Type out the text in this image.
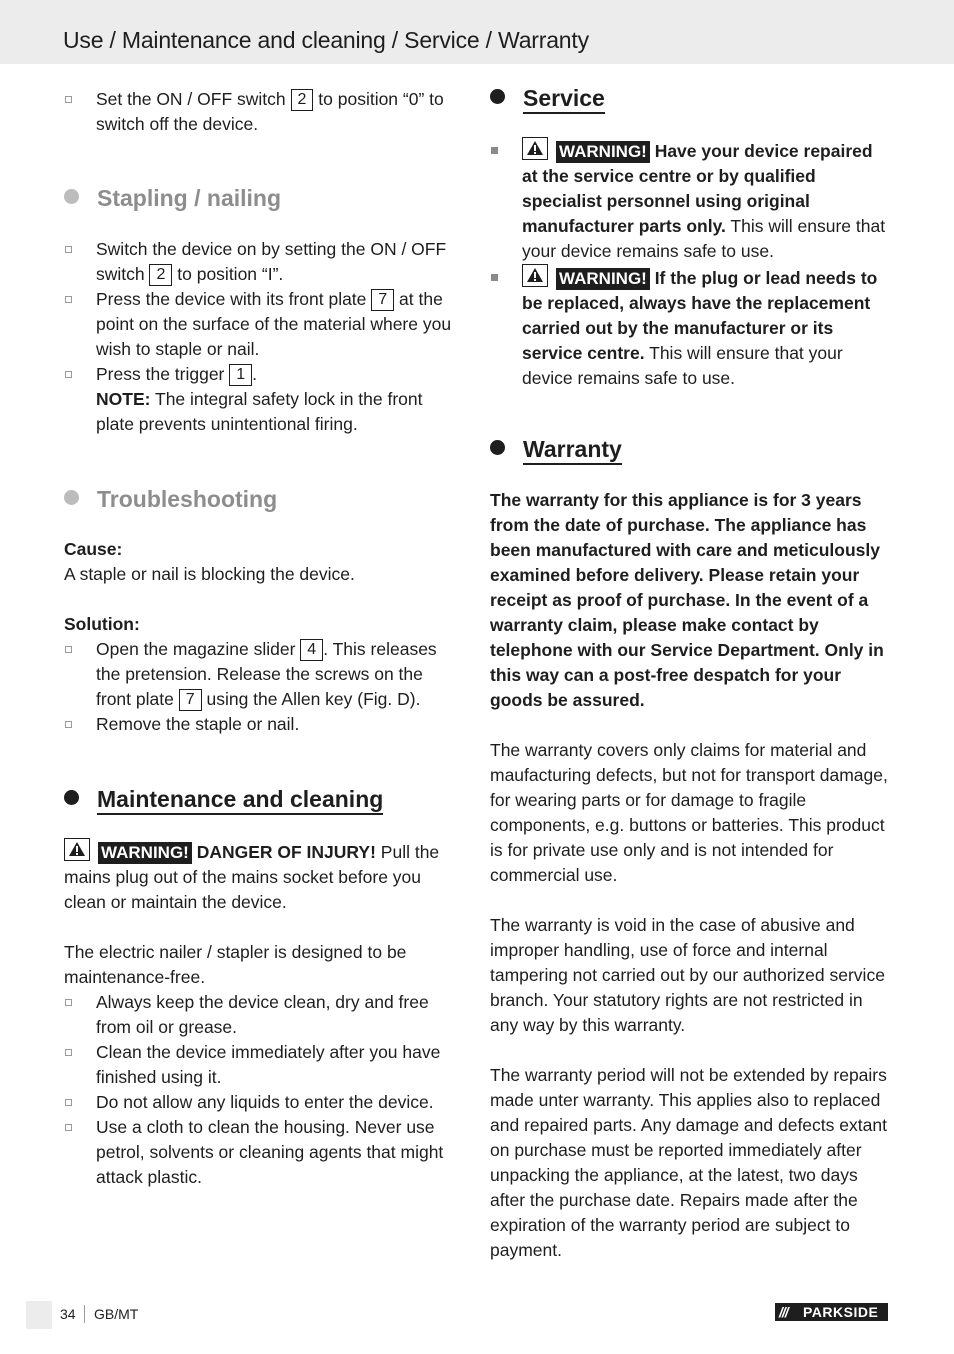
Use / Maintenance and cleaning / Service / Warranty
Set the ON / OFF switch 2 to position “0” to switch off the device.
Stapling / nailing
Switch the device on by setting the ON / OFF switch 2 to position “I”.
Press the device with its front plate 7 at the point on the surface of the material where you wish to staple or nail.
Press the trigger 1 .
NOTE: The integral safety lock in the front plate prevents unintentional firing.
Troubleshooting
Cause:
A staple or nail is blocking the device.
Solution:
Open the magazine slider 4 . This releases the pretension. Release the screws on the front plate 7 using the Allen key (Fig. D).
Remove the staple or nail.
Maintenance and cleaning
WARNING! DANGER OF INJURY! Pull the mains plug out of the mains socket before you clean or maintain the device.
The electric nailer / stapler is designed to be maintenance-free.
Always keep the device clean, dry and free from oil or grease.
Clean the device immediately after you have finished using it.
Do not allow any liquids to enter the device.
Use a cloth to clean the housing. Never use petrol, solvents or cleaning agents that might attack plastic.
Service
WARNING! Have your device repaired at the service centre or by qualified specialist personnel using original manufacturer parts only. This will ensure that your device remains safe to use.
WARNING! If the plug or lead needs to be replaced, always have the replacement carried out by the manufacturer or its service centre. This will ensure that your device remains safe to use.
Warranty
The warranty for this appliance is for 3 years from the date of purchase. The appliance has been manufactured with care and meticulously examined before delivery. Please retain your receipt as proof of purchase. In the event of a warranty claim, please make contact by telephone with our Service Department. Only in this way can a post-free despatch for your goods be assured.
The warranty covers only claims for material and maufacturing defects, but not for transport damage, for wearing parts or for damage to fragile components, e.g. buttons or batteries. This product is for private use only and is not intended for commercial use.
The warranty is void in the case of abusive and improper handling, use of force and internal tampering not carried out by our authorized service branch. Your statutory rights are not restricted in any way by this warranty.
The warranty period will not be extended by repairs made unter warranty. This applies also to replaced and repaired parts. Any damage and defects extant on purchase must be reported immediately after unpacking the appliance, at the latest, two days after the purchase date. Repairs made after the expiration of the warranty period are subject to payment.
34 GB/MT	/// PARKSIDE
